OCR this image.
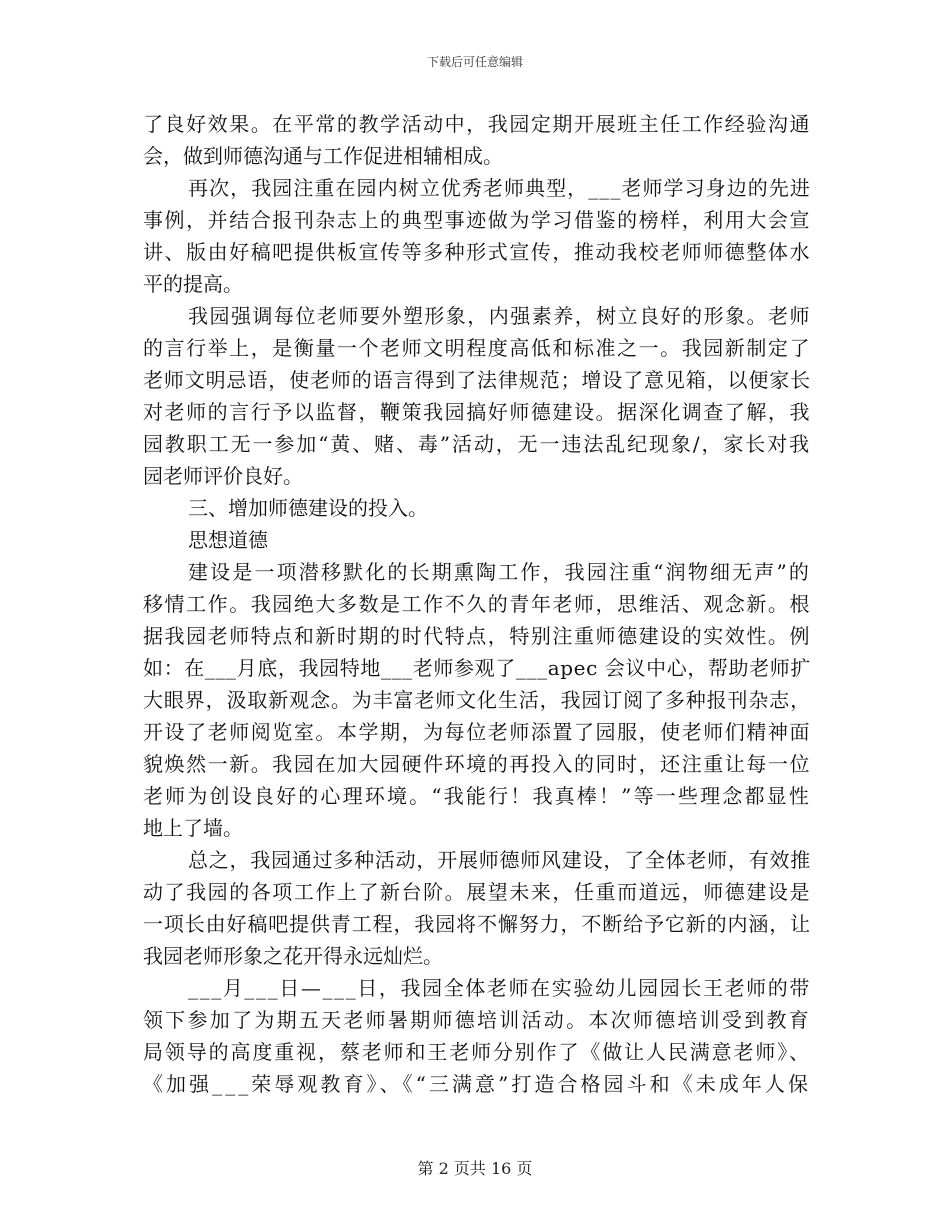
下载后可任意编辑
了良好效果。在平常的教学活动中，我园定期开展班主任工作经验沟通
会，做到师德沟通与工作促进相辅相成。
再次，我园注重在园内树立优秀老师典型，___老师学习身边的先进
事例，并结合报刊杂志上的典型事迹做为学习借鉴的榜样，利用大会宣
讲、版由好稿吧提供板宣传等多种形式宣传，推动我校老师师德整体水
平的提高。
我园强调每位老师要外塑形象，内强素养，树立良好的形象。老师
的言行举上，是衡量一个老师文明程度高低和标准之一。我园新制定了
老师文明忌语，使老师的语言得到了法律规范；增设了意见箱，以便家长
对老师的言行予以监督，鞭策我园搞好师德建设。据深化调查了解，我
园教职工无一参加“黄、赌、毒”活动，无一违法乱纪现象/，家长对我
园老师评价良好。
三、增加师德建设的投入。
思想道德
建设是一项潜移默化的长期熏陶工作，我园注重“润物细无声”的
移情工作。我园绝大多数是工作不久的青年老师，思维活、观念新。根
据我园老师特点和新时期的时代特点，特别注重师德建设的实效性。例
如：在___月底，我园特地___老师参观了___apec 会议中心，帮助老师扩
大眼界，汲取新观念。为丰富老师文化生活，我园订阅了多种报刊杂志，
开设了老师阅览室。本学期，为每位老师添置了园服，使老师们精神面
貌焕然一新。我园在加大园硬件环境的再投入的同时，还注重让每一位
老师为创设良好的心理环境。“我能行！我真棒！”等一些理念都显性
地上了墙。
总之，我园通过多种活动，开展师德师风建设，了全体老师，有效推
动了我园的各项工作上了新台阶。展望未来，任重而道远，师德建设是
一项长由好稿吧提供青工程，我园将不懈努力，不断给予它新的内涵，让
我园老师形象之花开得永远灿烂。
___月___日—___日，我园全体老师在实验幼儿园园长王老师的带
领下参加了为期五天老师暑期师德培训活动。本次师德培训受到教育
局领导的高度重视，蔡老师和王老师分别作了《做让人民满意老师》、
《加强___荣辱观教育》、《“三满意”打造合格园斗和《未成年人保
第 2 页共 16 页
